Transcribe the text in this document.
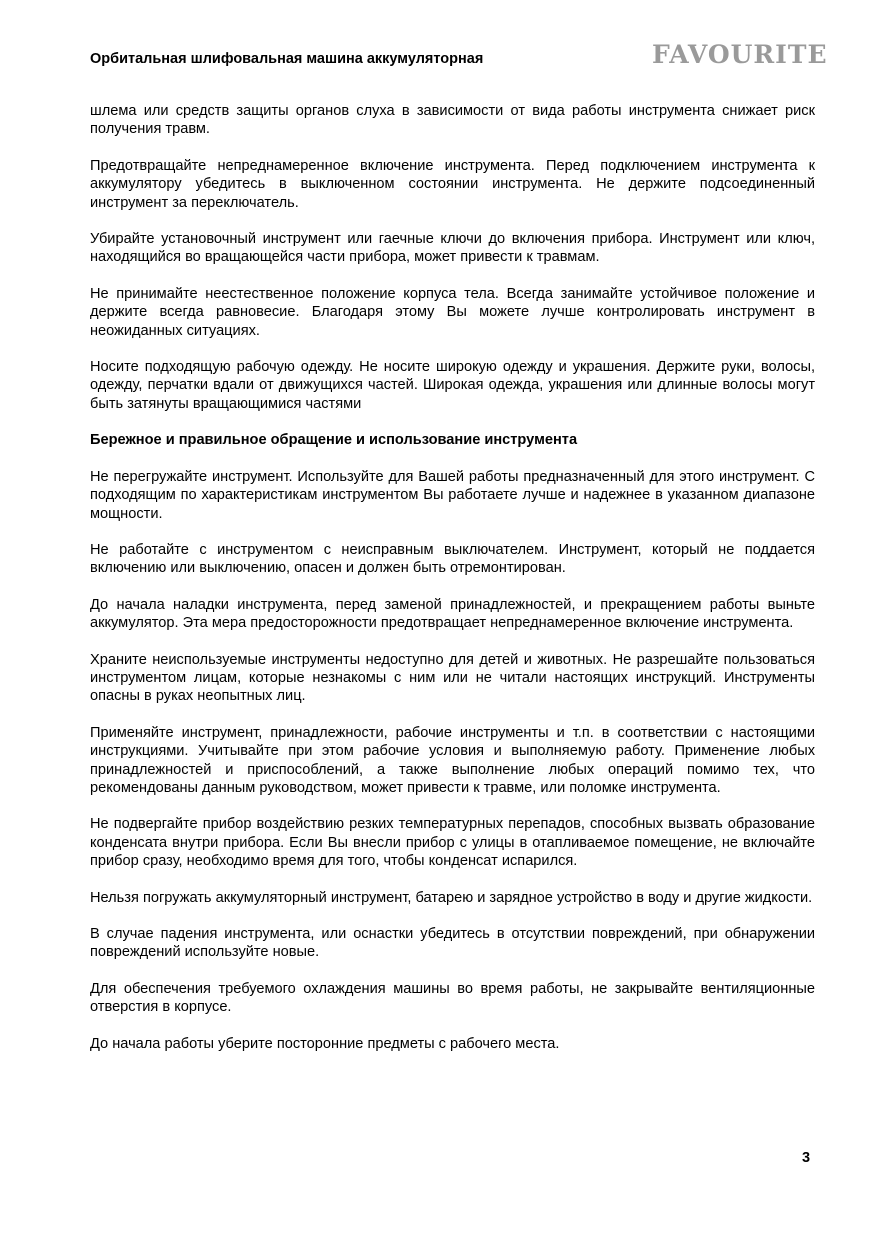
Орбитальная шлифовальная машина аккумуляторная	FAVOURITE

шлема или средств защиты органов слуха в зависимости от вида работы инструмента снижает риск получения травм.

Предотвращайте непреднамеренное включение инструмента. Перед подключением инструмента к аккумулятору убедитесь в выключенном состоянии инструмента. Не держите подсоединенный инструмент за переключатель.

Убирайте установочный инструмент или гаечные ключи до включения прибора. Инструмент или ключ, находящийся во вращающейся части прибора, может привести к травмам.

Не принимайте неестественное положение корпуса тела. Всегда занимайте устойчивое положение и держите всегда равновесие. Благодаря этому Вы можете лучше контролировать инструмент в неожиданных ситуациях.

Носите подходящую рабочую одежду. Не носите широкую одежду и украшения. Держите руки, волосы, одежду, перчатки вдали от движущихся частей. Широкая одежда, украшения или длинные волосы могут быть затянуты вращающимися частями

Бережное и правильное обращение и использование инструмента

Не перегружайте инструмент. Используйте для Вашей работы предназначенный для этого инструмент. С подходящим по характеристикам инструментом Вы работаете лучше и надежнее в указанном диапазоне мощности.

Не работайте с инструментом с неисправным выключателем. Инструмент, который не поддается включению или выключению, опасен и должен быть отремонтирован.

До начала наладки инструмента, перед заменой принадлежностей, и прекращением работы выньте аккумулятор. Эта мера предосторожности предотвращает непреднамеренное включение инструмента.

Храните неиспользуемые инструменты недоступно для детей и животных. Не разрешайте пользоваться инструментом лицам, которые незнакомы с ним или не читали настоящих инструкций. Инструменты опасны в руках неопытных лиц.

Применяйте инструмент, принадлежности, рабочие инструменты и т.п. в соответствии с настоящими инструкциями. Учитывайте при этом рабочие условия и выполняемую работу. Применение любых принадлежностей и приспособлений, а также выполнение любых операций помимо тех, что рекомендованы данным руководством, может привести к травме, или поломке инструмента.

Не подвергайте прибор воздействию резких температурных перепадов, способных вызвать образование конденсата внутри прибора. Если Вы внесли прибор с улицы в отапливаемое помещение, не включайте прибор сразу, необходимо время для того, чтобы конденсат испарился.

Нельзя погружать аккумуляторный инструмент, батарею и зарядное устройство в воду и другие жидкости.

В случае падения инструмента, или оснастки убедитесь в отсутствии повреждений, при обнаружении повреждений используйте новые.

Для обеспечения требуемого охлаждения машины во время работы, не закрывайте вентиляционные отверстия в корпусе.

До начала работы уберите посторонние предметы с рабочего места.

3
